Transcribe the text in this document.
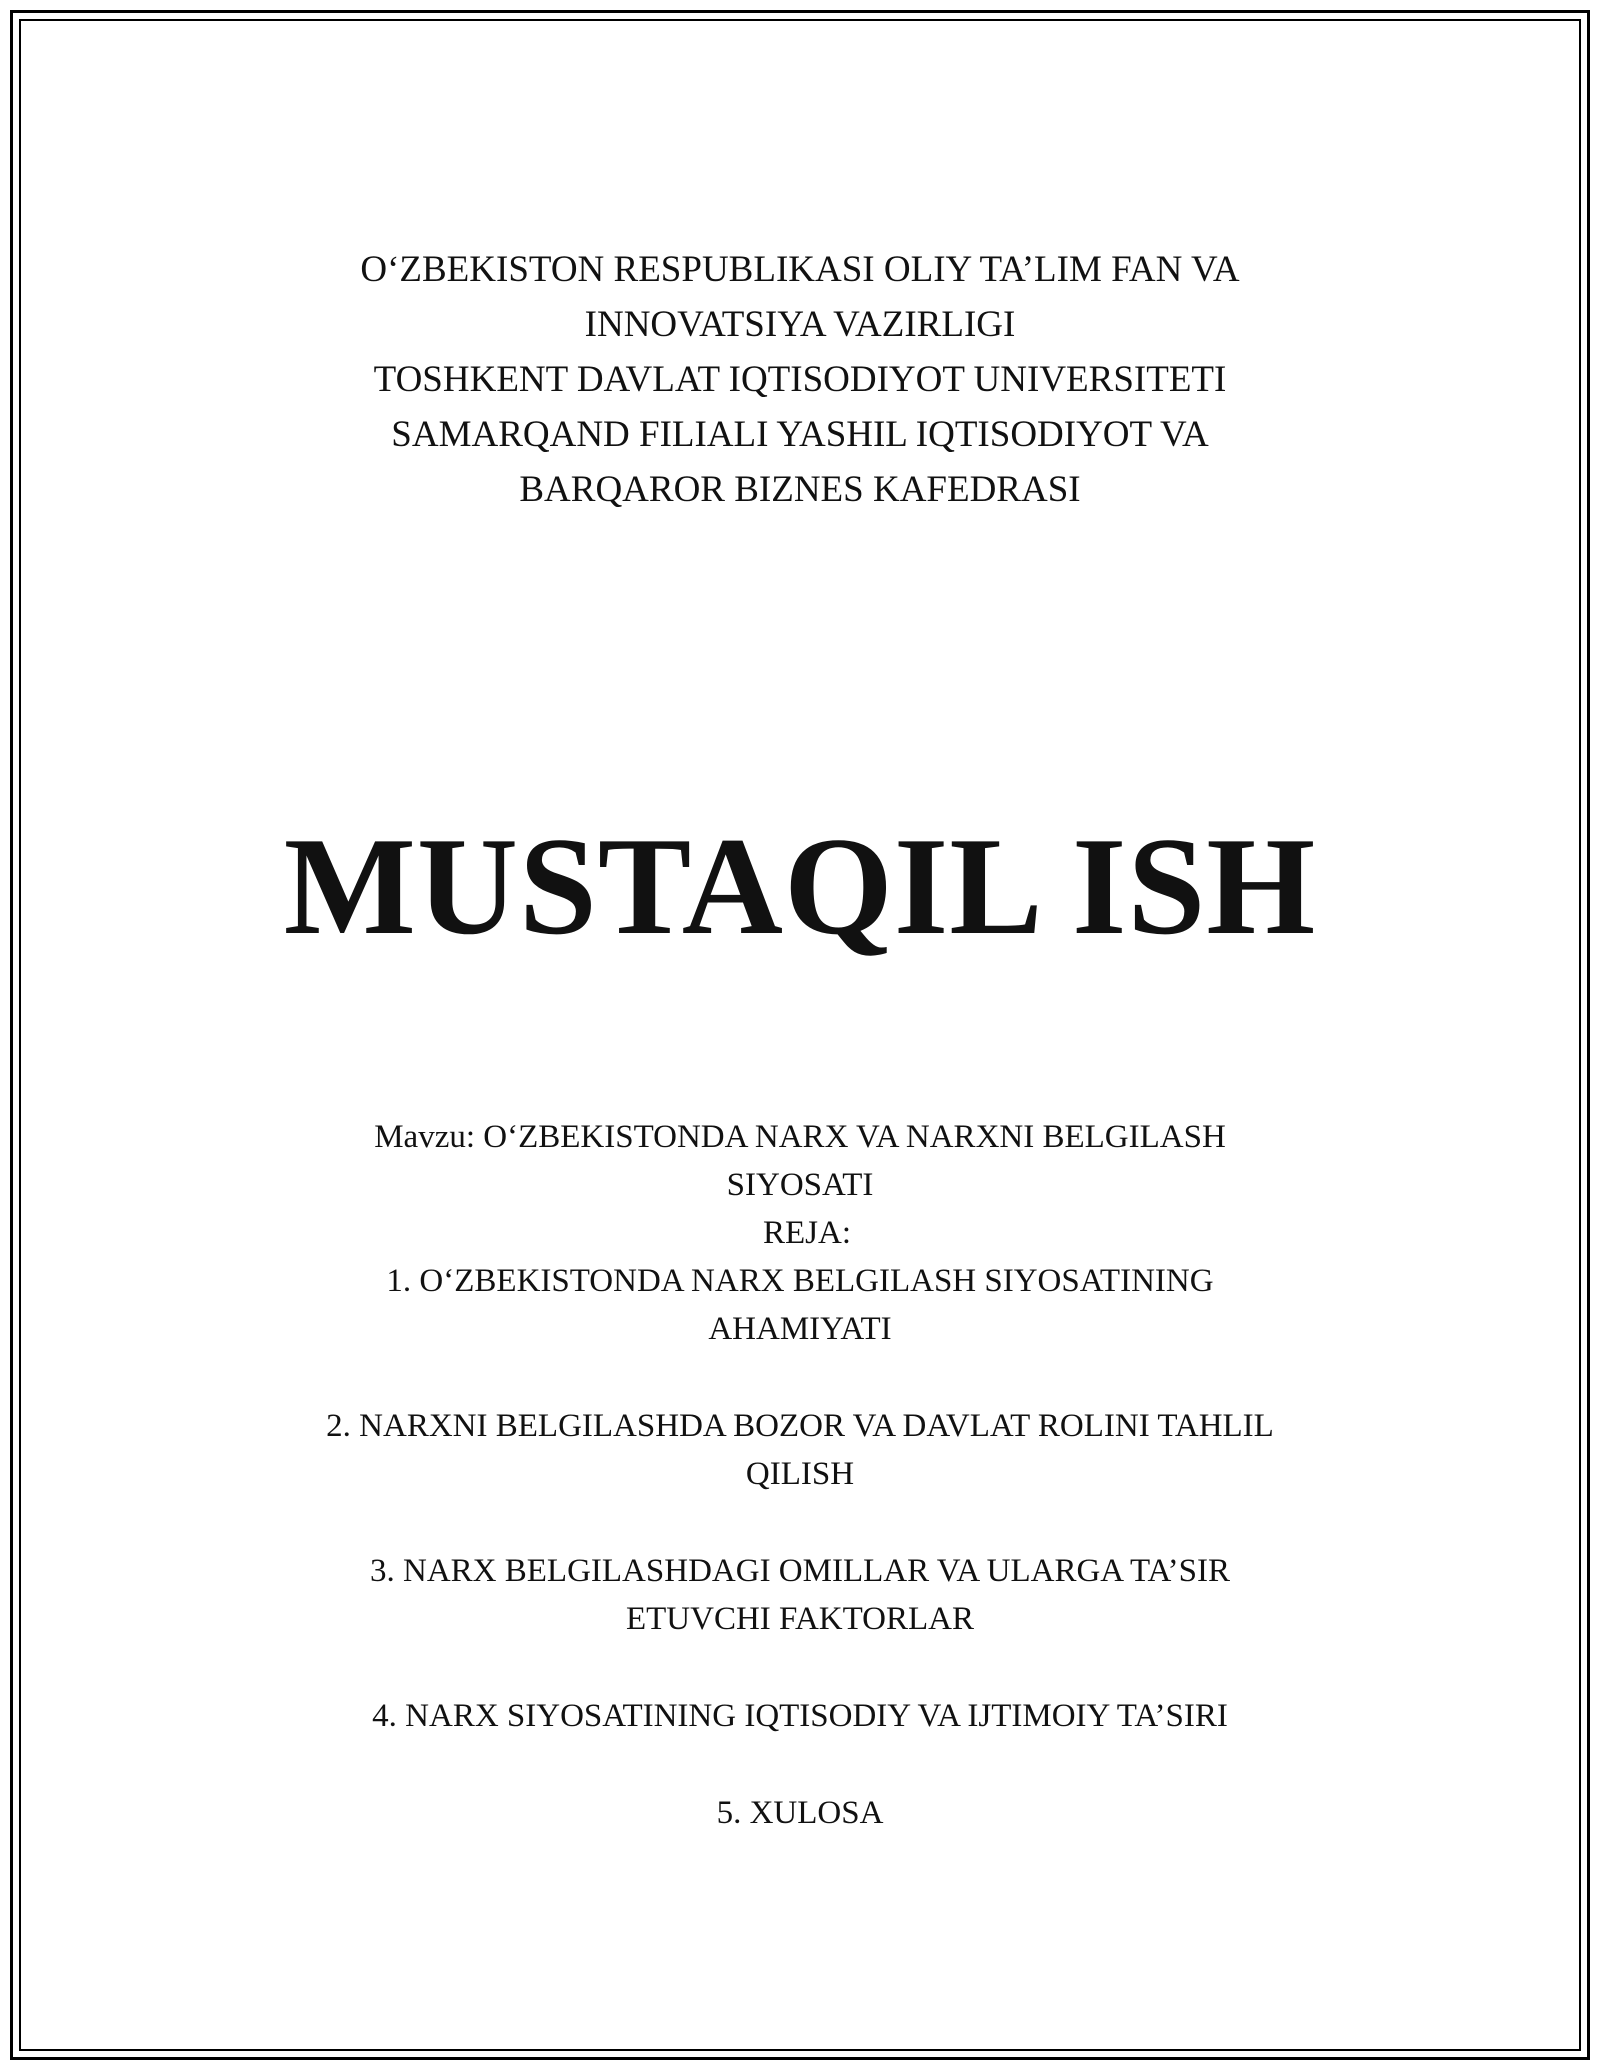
O‘ZBEKISTON RESPUBLIKASI OLIY TA’LIM FAN VA
INNOVATSIYA VAZIRLIGI
TOSHKENT DAVLAT IQTISODIYOT UNIVERSITETI
SAMARQAND FILIALI YASHIL IQTISODIYOT VA
BARQAROR BIZNES KAFEDRASI
MUSTAQIL ISH
Mavzu: O‘ZBEKISTONDA NARX VA NARXNI BELGILASH
SIYOSATI
REJA:
1. O‘ZBEKISTONDA NARX BELGILASH SIYOSATINING
AHAMIYATI
2. NARXNI BELGILASHDA BOZOR VA DAVLAT ROLINI TAHLIL
QILISH
3. NARX BELGILASHDAGI OMILLAR VA ULARGA TA’SIR
ETUVCHI FAKTORLAR
4. NARX SIYOSATINING IQTISODIY VA IJTIMOIY TA’SIRI
5. XULOSA
